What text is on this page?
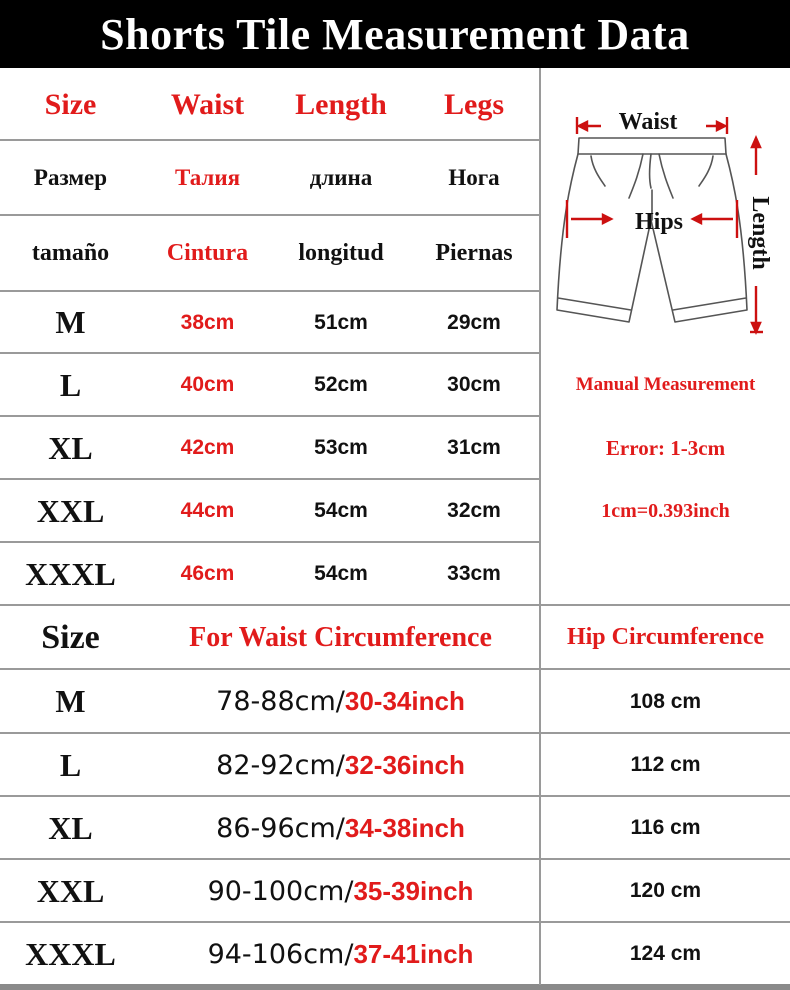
Shorts Tile Measurement Data
Size	Waist	Length	Legs
Размер	Талия	длина	Нога
tamaño	Cintura	longitud	Piernas
M	38cm	51cm	29cm
L	40cm	52cm	30cm
XL	42cm	53cm	31cm
XXL	44cm	54cm	32cm
XXXL	46cm	54cm	33cm
Waist
Hips	Length
Manual Measurement
Error: 1-3cm
1cm=0.393inch
Size	For Waist Circumference	Hip Circumference
M	78-88cm/ 30-34inch	108 cm
L	82-92cm/ 32-36inch	112 cm
XL	86-96cm/ 34-38inch	116 cm
XXL	90-100cm/ 35-39inch	120 cm
XXXL	94-106cm/ 37-41inch	124 cm
